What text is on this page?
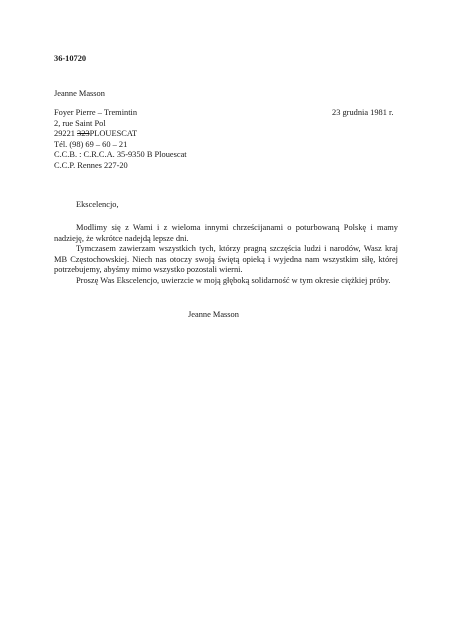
36-10720
Jeanne Masson
Foyer Pierre – Tremintin
2, rue Saint Pol
29221 323PLOUESCAT
Tél. (98) 69 – 60 – 21
C.C.B. : C.R.C.A. 35-9350 B Plouescat
C.C.P. Rennes 227-20
23 grudnia 1981 r.
Ekscelencjo,

Modlimy się z Wami i z wieloma innymi chrześcijanami o poturbowaną Polskę i mamy nadzieję, że wkrótce nadejdą lepsze dni.

Tymczasem zawierzam wszystkich tych, którzy pragną szczęścia ludzi i narodów, Wasz kraj MB Częstochowskiej. Niech nas otoczy swoją świętą opieką i wyjedna nam wszystkim siłę, której potrzebujemy, abyśmy mimo wszystko pozostali wierni.

Proszę Was Ekscelencjo, uwierzcie w moją głęboką solidarność w tym okresie ciężkiej próby.

Jeanne Masson
